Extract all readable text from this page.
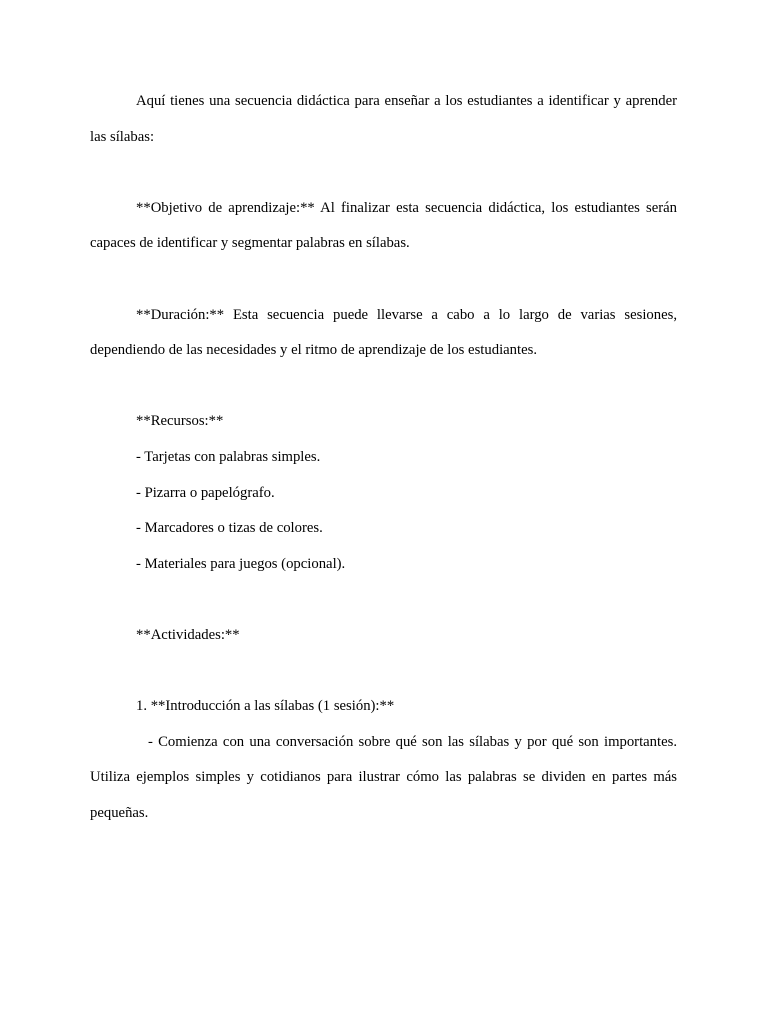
Aquí tienes una secuencia didáctica para enseñar a los estudiantes a identificar y aprender las sílabas:

**Objetivo de aprendizaje:** Al finalizar esta secuencia didáctica, los estudiantes serán capaces de identificar y segmentar palabras en sílabas.

**Duración:** Esta secuencia puede llevarse a cabo a lo largo de varias sesiones, dependiendo de las necesidades y el ritmo de aprendizaje de los estudiantes.

**Recursos:**

- Tarjetas con palabras simples.

- Pizarra o papelógrafo.

- Marcadores o tizas de colores.

- Materiales para juegos (opcional).

**Actividades:**

1. **Introducción a las sílabas (1 sesión):**

- Comienza con una conversación sobre qué son las sílabas y por qué son importantes. Utiliza ejemplos simples y cotidianos para ilustrar cómo las palabras se dividen en partes más pequeñas.
